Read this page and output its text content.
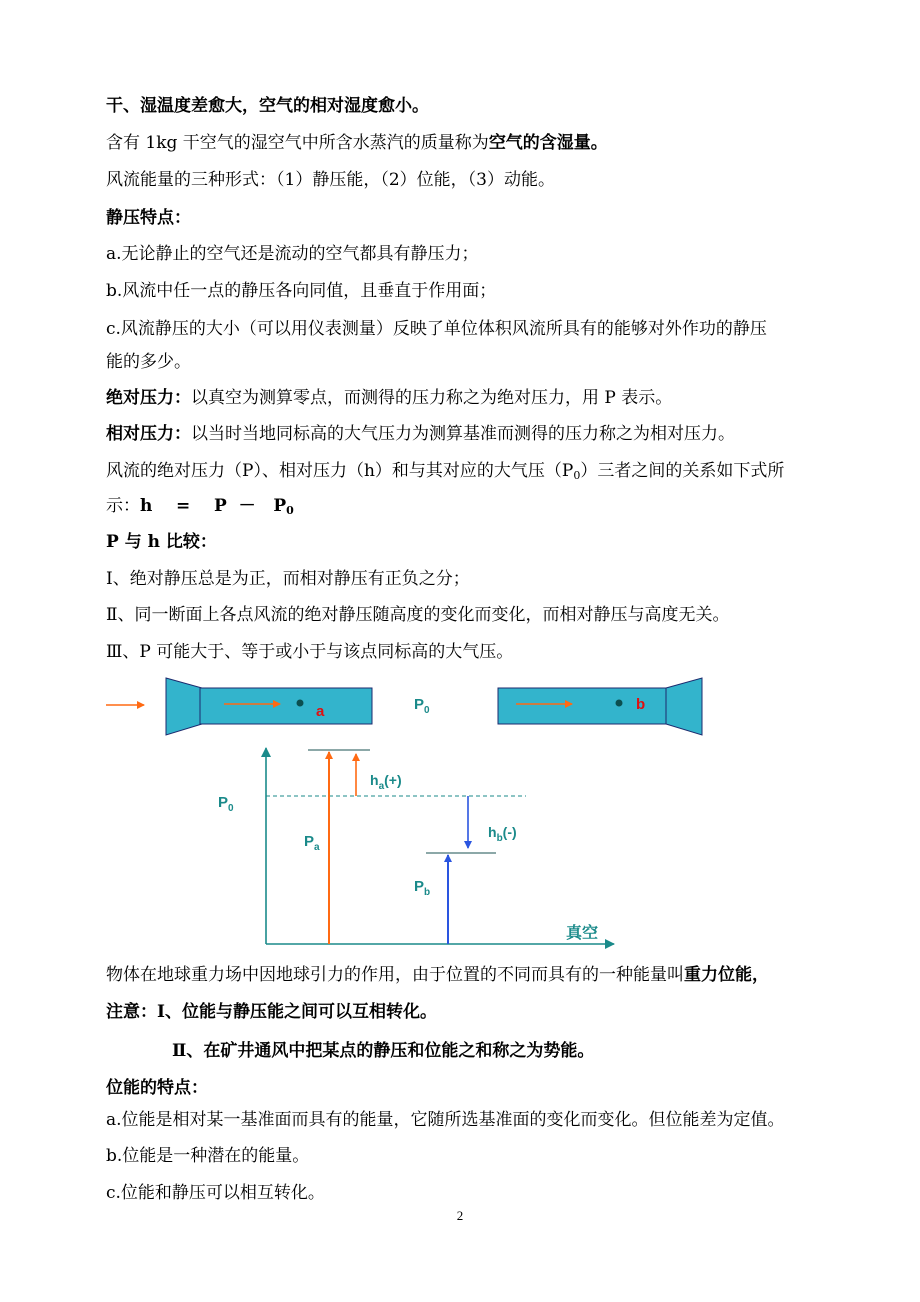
干、湿温度差愈大，空气的相对湿度愈小。
含有 1kg 干空气的湿空气中所含水蒸汽的质量称为空气的含湿量。
风流能量的三种形式：（1）静压能，（2）位能，（3）动能。
静压特点：
a.无论静止的空气还是流动的空气都具有静压力；
b.风流中任一点的静压各向同值，且垂直于作用面；
c.风流静压的大小（可以用仪表测量）反映了单位体积风流所具有的能够对外作功的静压
能的多少。
绝对压力：以真空为测算零点，而测得的压力称之为绝对压力，用 P 表示。
相对压力：以当时当地同标高的大气压力为测算基准而测得的压力称之为相对压力。
风流的绝对压力（P）、相对压力（h）和与其对应的大气压$(P_0)$三者之间的关系如下式所
示：h    =    $P - P_0$
P 与 h 比较：
Ⅰ、绝对静压总是为正，而相对静压有正负之分；
Ⅱ、同一断面上各点风流的绝对静压随高度的变化而变化，而相对静压与高度无关。
Ⅲ、P 可能大于、等于或小于与该点同标高的大气压。
a	$P_0$	b
真空
$P_0$
$P_a$
$h_a(+)$
$h_b(-)$
$P_b$
物体在地球重力场中因地球引力的作用，由于位置的不同而具有的一种能量叫重力位能，
注意：Ⅰ、位能与静压能之间可以互相转化。
Ⅱ、在矿井通风中把某点的静压和位能之和称之为势能。
位能的特点：
a.位能是相对某一基准面而具有的能量，它随所选基准面的变化而变化。但位能差为定值。
b.位能是一种潜在的能量。
c.位能和静压可以相互转化。
2
